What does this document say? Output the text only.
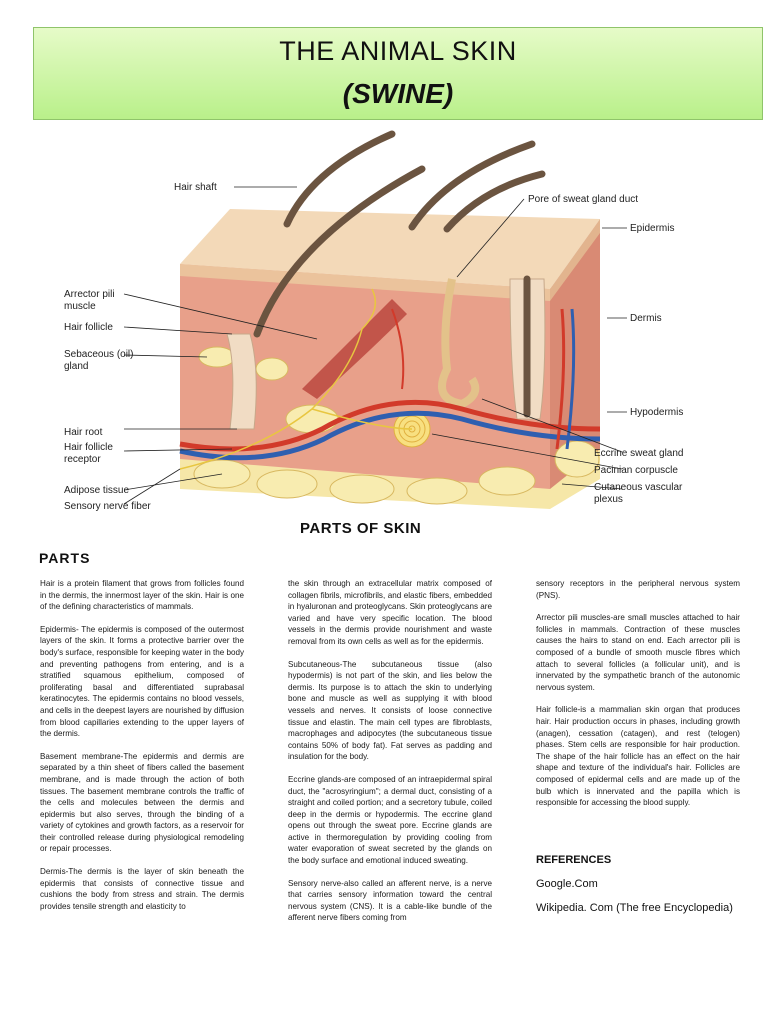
THE ANIMAL SKIN
(SWINE)
Hair shaft
Arrector pili
muscle
Hair follicle
Sebaceous (oil)
gland
Hair root
Hair follicle
receptor
Adipose tissue
Sensory nerve fiber
Pore of sweat gland duct
Epidermis
Dermis
Hypodermis
Eccrine sweat gland
Pacinian corpuscle
Cutaneous vascular
plexus
PARTS OF SKIN
PARTS

Hair is a protein filament that grows from follicles found in the dermis, the innermost layer of the skin. Hair is one of the defining characteristics of mammals.

Epidermis- The epidermis is composed of the outermost layers of the skin. It forms a protective barrier over the body's surface, responsible for keeping water in the body and preventing pathogens from entering, and is a stratified squamous epithelium, composed of proliferating basal and differentiated suprabasal keratinocytes. The epidermis contains no blood vessels, and cells in the deepest layers are nourished by diffusion from blood capillaries extending to the upper layers of the dermis.

Basement membrane-The epidermis and dermis are separated by a thin sheet of fibers called the basement membrane, and is made through the action of both tissues. The basement membrane controls the traffic of the cells and molecules between the dermis and epidermis but also serves, through the binding of a variety of cytokines and growth factors, as a reservoir for their controlled release during physiological remodeling or repair processes.

Dermis-The dermis is the layer of skin beneath the epidermis that consists of connective tissue and cushions the body from stress and strain. The dermis provides tensile strength and elasticity to

the skin through an extracellular matrix composed of collagen fibrils, microfibrils, and elastic fibers, embedded in hyaluronan and proteoglycans. Skin proteoglycans are varied and have very specific location. The blood vessels in the dermis provide nourishment and waste removal from its own cells as well as for the epidermis.

Subcutaneous-The subcutaneous tissue (also hypodermis) is not part of the skin, and lies below the dermis. Its purpose is to attach the skin to underlying bone and muscle as well as supplying it with blood vessels and nerves. It consists of loose connective tissue and elastin. The main cell types are fibroblasts, macrophages and adipocytes (the subcutaneous tissue contains 50% of body fat). Fat serves as padding and insulation for the body.

Eccrine glands-are composed of an intraepidermal spiral duct, the "acrosyringium"; a dermal duct, consisting of a straight and coiled portion; and a secretory tubule, coiled deep in the dermis or hypodermis. The eccrine gland opens out through the sweat pore. Eccrine glands are active in thermoregulation by providing cooling from water evaporation of sweat secreted by the glands on the body surface and emotional induced sweating.

Sensory nerve-also called an afferent nerve, is a nerve that carries sensory information toward the central nervous system (CNS). It is a cable-like bundle of the afferent nerve fibers coming from

sensory receptors in the peripheral nervous system (PNS).

Arrector pili muscles-are small muscles attached to hair follicles in mammals. Contraction of these muscles causes the hairs to stand on end. Each arrector pili is composed of a bundle of smooth muscle fibres which attach to several follicles (a follicular unit), and is innervated by the sympathetic branch of the autonomic nervous system.

Hair follicle-is a mammalian skin organ that produces hair. Hair production occurs in phases, including growth (anagen), cessation (catagen), and rest (telogen) phases. Stem cells are responsible for hair production. The shape of the hair follicle has an effect on the hair shape and texture of the individual's hair. Follicles are composed of epidermal cells and are made up of the bulb which is innervated and the papilla which is responsible for accessing the blood supply.

REFERENCES
Google.Com
Wikipedia. Com (The free Encyclopedia)
